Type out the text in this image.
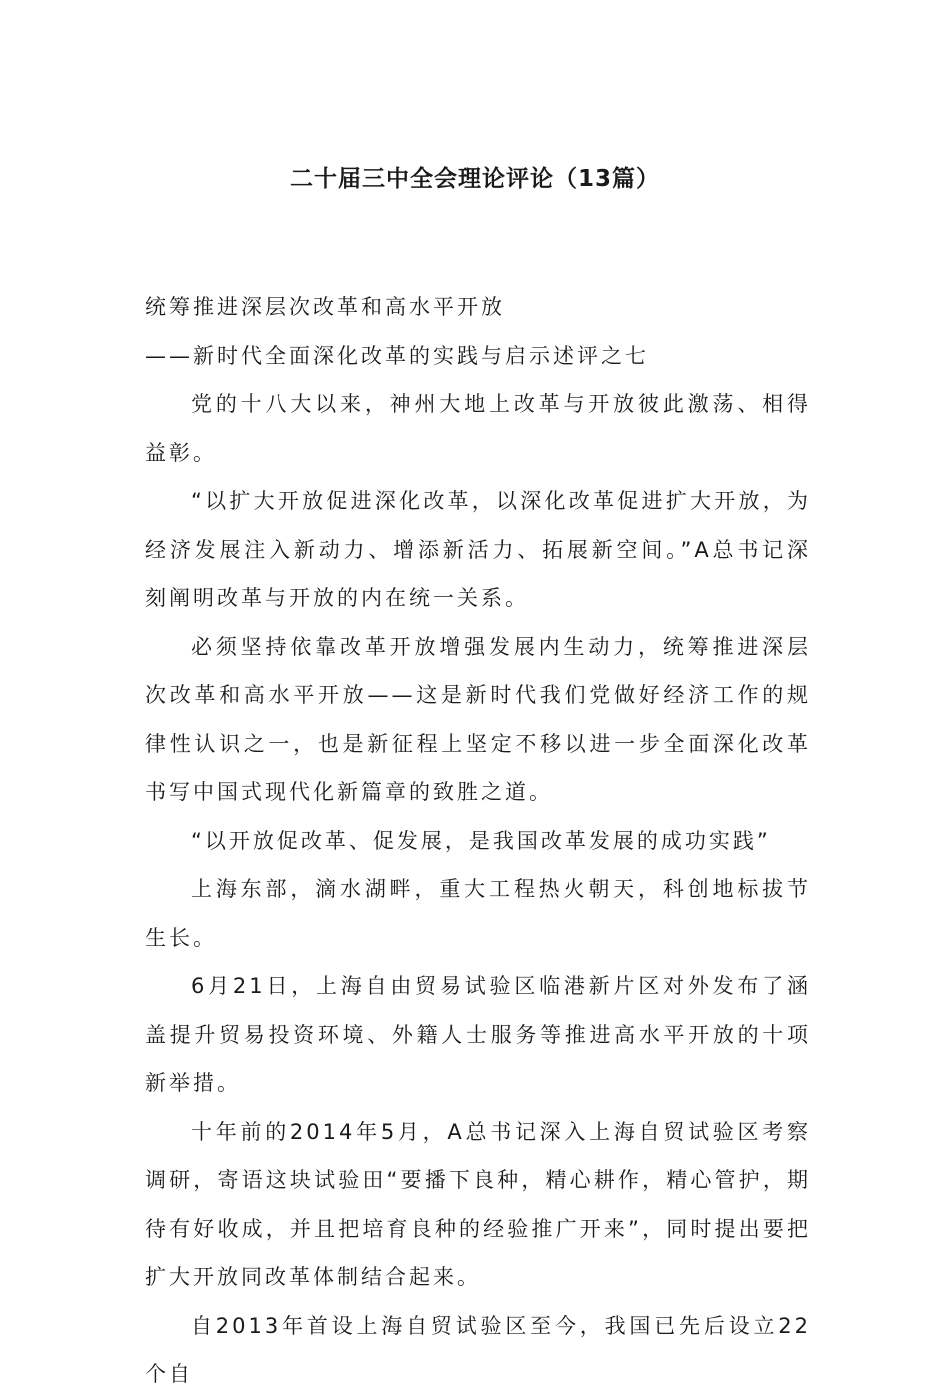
二十届三中全会理论评论（13篇）

统筹推进深层次改革和高水平开放

——新时代全面深化改革的实践与启示述评之七

党的十八大以来，神州大地上改革与开放彼此激荡、相得益彰。

“以扩大开放促进深化改革，以深化改革促进扩大开放，为经济发展注入新动力、增添新活力、拓展新空间。”A总书记深刻阐明改革与开放的内在统一关系。

必须坚持依靠改革开放增强发展内生动力，统筹推进深层次改革和高水平开放——这是新时代我们党做好经济工作的规律性认识之一，也是新征程上坚定不移以进一步全面深化改革书写中国式现代化新篇章的致胜之道。

“以开放促改革、促发展，是我国改革发展的成功实践”

上海东部，滴水湖畔，重大工程热火朝天，科创地标拔节生长。

6月21日，上海自由贸易试验区临港新片区对外发布了涵盖提升贸易投资环境、外籍人士服务等推进高水平开放的十项新举措。

十年前的2014年5月，A总书记深入上海自贸试验区考察调研，寄语这块试验田“要播下良种，精心耕作，精心管护，期待有好收成，并且把培育良种的经验推广开来”，同时提出要把扩大开放同改革体制结合起来。

自2013年首设上海自贸试验区至今，我国已先后设立22个自
